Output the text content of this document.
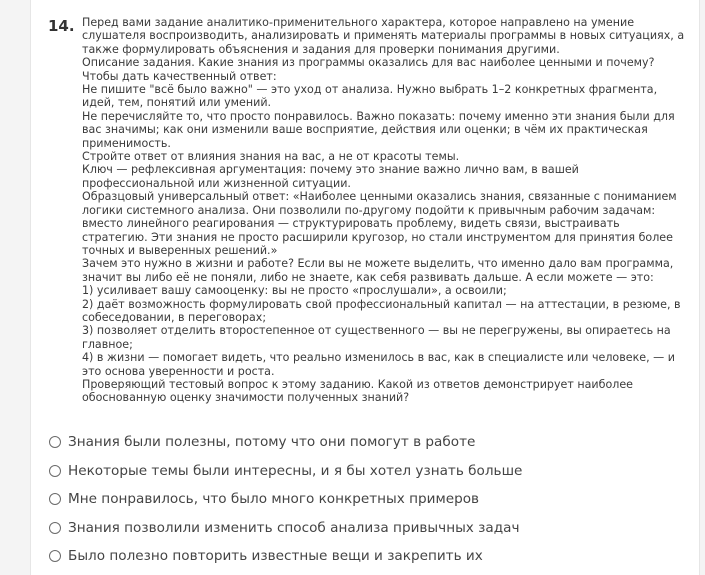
14. Перед вами задание аналитико-применительного характера, которое направлено на умение слушателя воспроизводить, анализировать и применять материалы программы в новых ситуациях, а также формулировать объяснения и задания для проверки понимания другими.
Описание задания. Какие знания из программы оказались для вас наиболее ценными и почему?
Чтобы дать качественный ответ:
Не пишите "всё было важно" — это уход от анализа. Нужно выбрать 1–2 конкретных фрагмента, идей, тем, понятий или умений.
Не перечисляйте то, что просто понравилось. Важно показать: почему именно эти знания были для вас значимы; как они изменили ваше восприятие, действия или оценки; в чём их практическая применимость.
Стройте ответ от влияния знания на вас, а не от красоты темы.
Ключ — рефлексивная аргументация: почему это знание важно лично вам, в вашей профессиональной или жизненной ситуации.
Образцовый универсальный ответ: «Наиболее ценными оказались знания, связанные с пониманием логики системного анализа. Они позволили по-другому подойти к привычным рабочим задачам: вместо линейного реагирования — структурировать проблему, видеть связи, выстраивать стратегию. Эти знания не просто расширили кругозор, но стали инструментом для принятия более точных и выверенных решений.»
Зачем это нужно в жизни и работе? Если вы не можете выделить, что именно дало вам программа, значит вы либо её не поняли, либо не знаете, как себя развивать дальше. А если можете — это:
1) усиливает вашу самооценку: вы не просто «прослушали», а освоили;
2) даёт возможность формулировать свой профессиональный капитал — на аттестации, в резюме, в собеседовании, в переговорах;
3) позволяет отделить второстепенное от существенного — вы не перегружены, вы опираетесь на главное;
4) в жизни — помогает видеть, что реально изменилось в вас, как в специалисте или человеке, — и это основа уверенности и роста.
Проверяющий тестовый вопрос к этому заданию. Какой из ответов демонстрирует наиболее обоснованную оценку значимости полученных знаний?
Знания были полезны, потому что они помогут в работе
Некоторые темы были интересны, и я бы хотел узнать больше
Мне понравилось, что было много конкретных примеров
Знания позволили изменить способ анализа привычных задач
Было полезно повторить известные вещи и закрепить их
